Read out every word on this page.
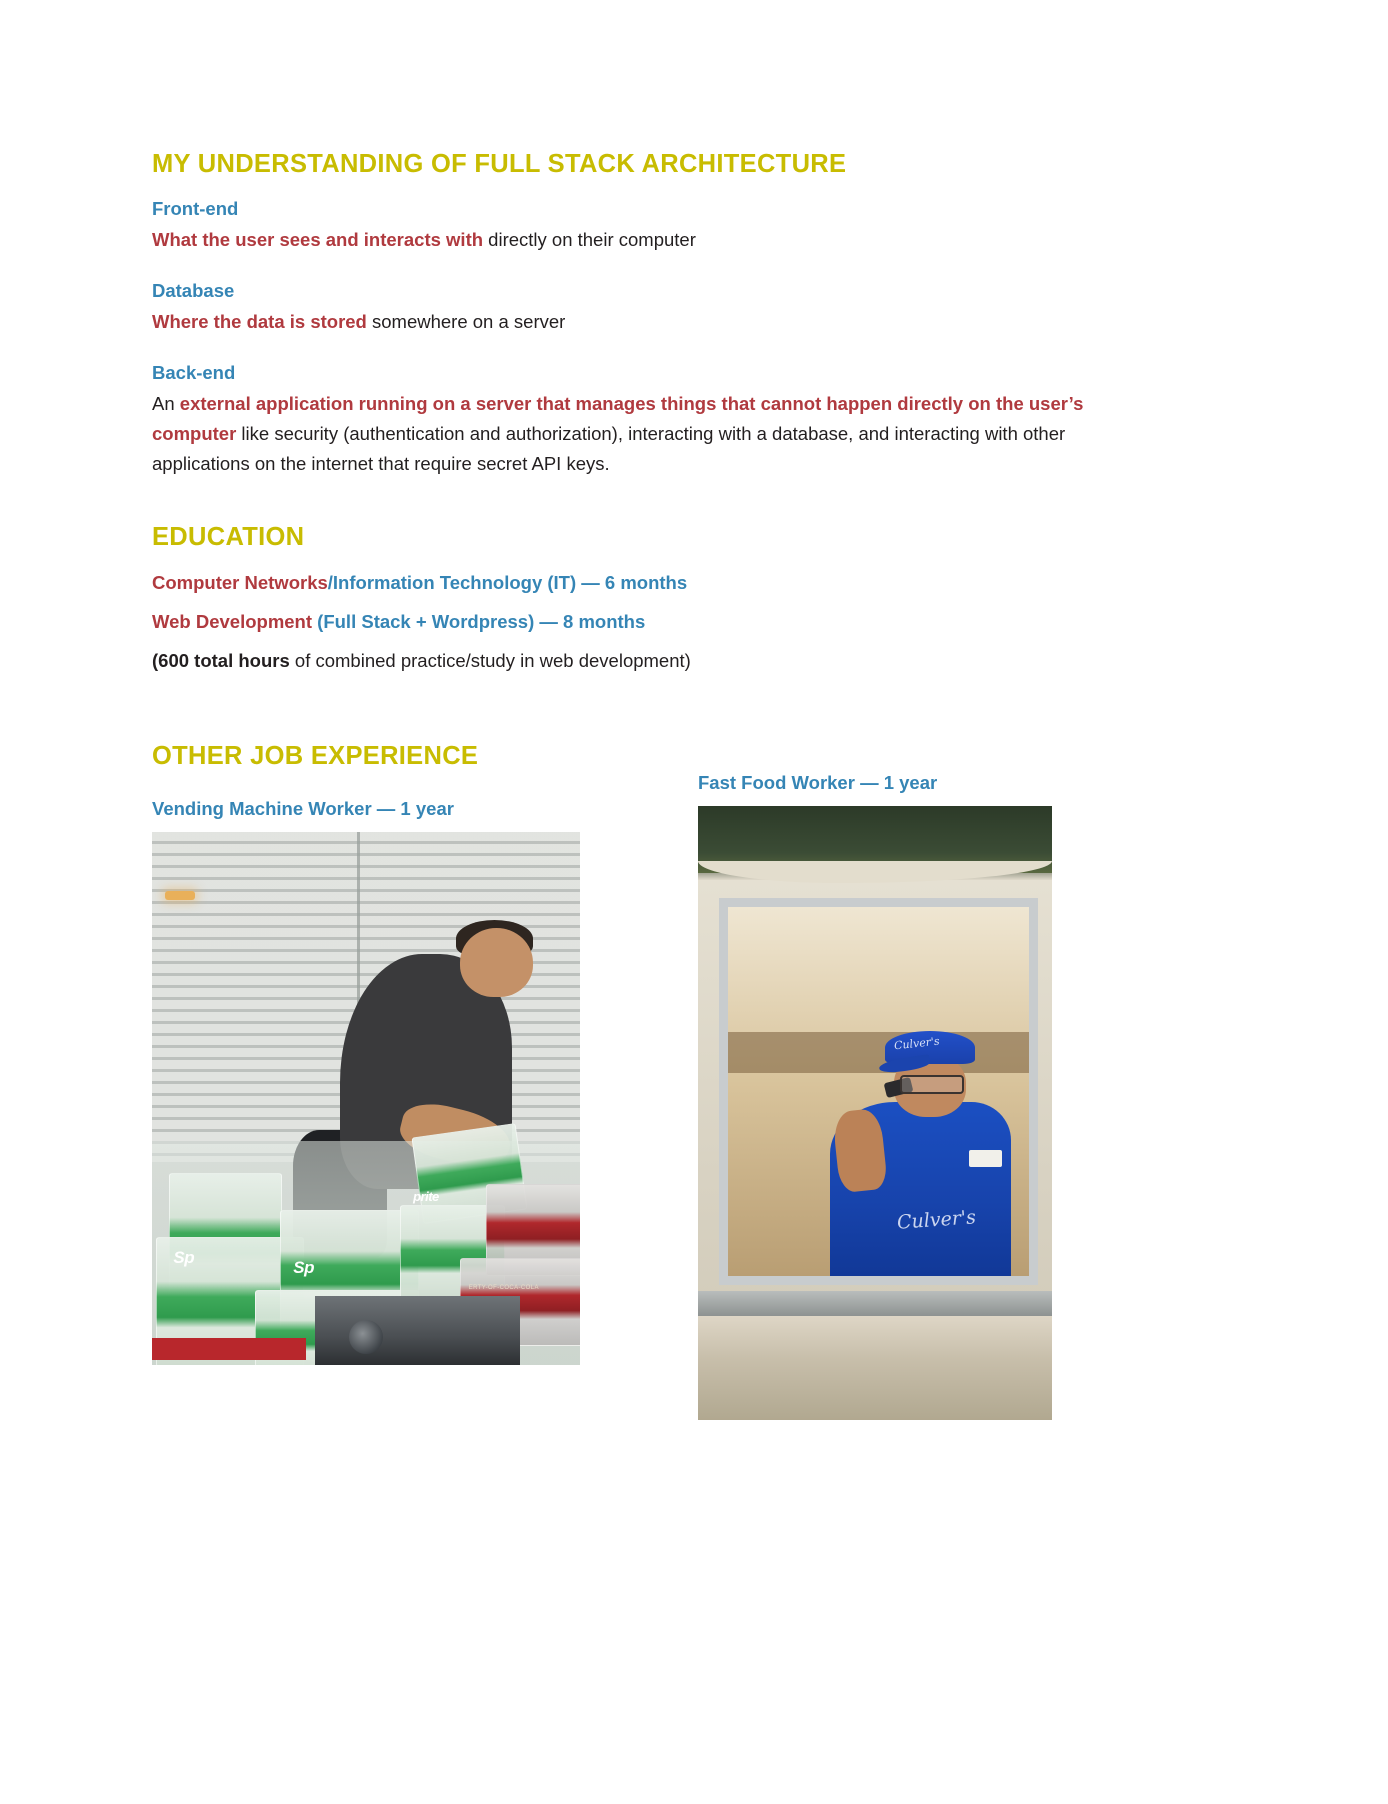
MY UNDERSTANDING OF FULL STACK ARCHITECTURE
Front-end

What the user sees and interacts with directly on their computer

Database

Where the data is stored somewhere on a server

Back-end

An external application running on a server that manages things that cannot happen directly on the user’s computer like security (authentication and authorization), interacting with a database, and interacting with other applications on the internet that require secret API keys.

EDUCATION

Computer Networks/Information Technology (IT) — 6 months

Web Development (Full Stack + Wordpress) — 8 months

(600 total hours of combined practice/study in web development)

OTHER JOB EXPERIENCE
Vending Machine Worker — 1 year
Sp
Sp
prite
ERTY-OF-COCA-COLA
Fast Food Worker — 1 year
Culver's
Culver's
